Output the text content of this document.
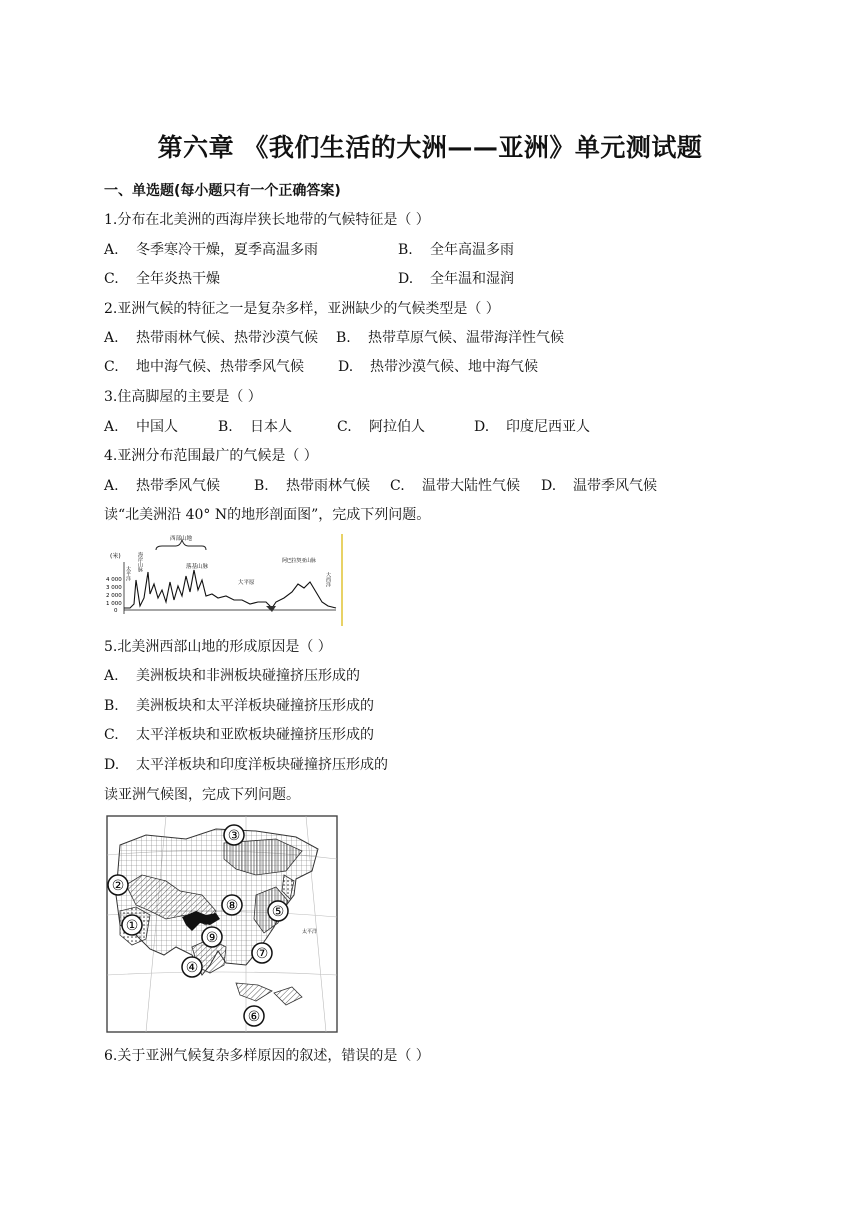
第六章 《我们生活的大洲——亚洲》单元测试题
一、单选题(每小题只有一个正确答案)
1.分布在北美洲的西海岸狭长地带的气候特征是（ ）
A. 冬季寒冷干燥，夏季高温多雨	B. 全年高温多雨
C. 全年炎热干燥	D. 全年温和湿润
2.亚洲气候的特征之一是复杂多样，亚洲缺少的气候类型是（ ）
A. 热带雨林气候、热带沙漠气候 B. 热带草原气候、温带海洋性气候
C. 地中海气候、热带季风气候 D. 热带沙漠气候、地中海气候
3.住高脚屋的主要是（ ）
A. 中国人	B. 日本人	C. 阿拉伯人	D. 印度尼西亚人
4.亚洲分布范围最广的气候是（ ）
A. 热带季风气候 B. 热带雨林气候 C. 温带大陆性气候 D. 温带季风气候
读“北美洲沿 40° N的地形剖面图”，完成下列问题。
(米)
4 000
3 000
2 000
1 000
0
西部山地
太平洋
海岸山脉	落基山脉
大平原
阿巴拉契亚山脉
大西洋
5.北美洲西部山地的形成原因是（ ）
A. 美洲板块和非洲板块碰撞挤压形成的
B. 美洲板块和太平洋板块碰撞挤压形成的
C. 太平洋板块和亚欧板块碰撞挤压形成的
D. 太平洋板块和印度洋板块碰撞挤压形成的
读亚洲气候图，完成下列问题。
太平洋
①
②
③
④
⑤
⑥
⑦
⑧
⑨
6.关于亚洲气候复杂多样原因的叙述，错误的是（ ）
